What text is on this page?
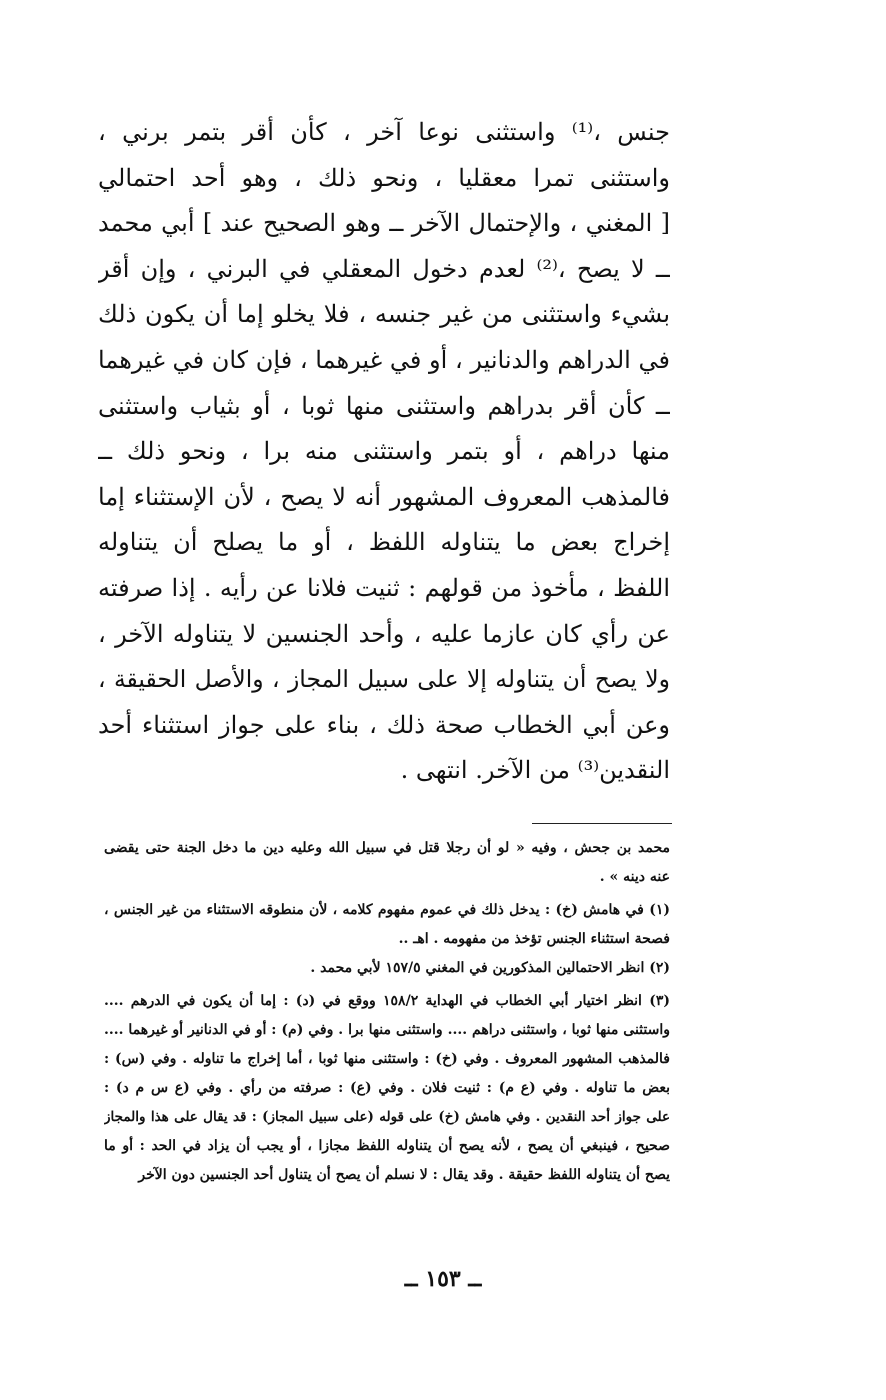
جنس ،⁽¹⁾ واستثنى نوعا آخر ، كأن أقر بتمر برني ،
واستثنى تمرا معقليا ، ونحو ذلك ، وهو أحد احتمالي
[ المغني ، والإحتمال الآخر ــ وهو الصحيح عند ] أبي محمد
ــ لا يصح ،⁽²⁾ لعدم دخول المعقلي في البرني ، وإن أقر
بشيء واستثنى من غير جنسه ، فلا يخلو إما أن يكون ذلك
في الدراهم والدنانير ، أو في غيرهما ، فإن كان في غيرهما
ــ كأن أقر بدراهم واستثنى منها ثوبا ، أو بثياب واستثنى
منها دراهم ، أو بتمر واستثنى منه برا ، ونحو ذلك ــ
فالمذهب المعروف المشهور أنه لا يصح ، لأن الإستثناء إما
إخراج بعض ما يتناوله اللفظ ، أو ما يصلح أن يتناوله
اللفظ ، مأخوذ من قولهم : ثنيت فلانا عن رأيه . إذا صرفته
عن رأي كان عازما عليه ، وأحد الجنسين لا يتناوله الآخر ،
ولا يصح أن يتناوله إلا على سبيل المجاز ، والأصل الحقيقة ،
وعن أبي الخطاب صحة ذلك ، بناء على جواز استثناء أحد
النقدين⁽³⁾ من الآخر. انتهى .
محمد بن جحش ، وفيه « لو أن رجلا قتل في سبيل الله وعليه دين ما دخل الجنة حتى يقضى
عنه دينه » .
(١) في هامش (خ) : يدخل ذلك في عموم مفهوم كلامه ، لأن منطوقه الاستثناء من غير الجنس ،
فصحة استثناء الجنس تؤخذ من مفهومه . اهـ ..
(٢) انظر الاحتمالين المذكورين في المغني ١٥٧/٥ لأبي محمد .
(٣) انظر اختيار أبي الخطاب في الهداية ١٥٨/٢ ووقع في (د) : إما أن يكون في الدرهم ....
واستثنى منها ثوبا ، واستثنى دراهم .... واستثنى منها برا . وفي (م) : أو في الدنانير أو غيرهما ....
فالمذهب المشهور المعروف . وفي (خ) : واستثنى منها ثوبا ، أما إخراج ما تناوله . وفي (س) :
بعض ما تناوله . وفي (ع م) : ثنيت فلان . وفي (ع) : صرفته من رأي . وفي (ع س م د) :
على جواز أحد النقدين . وفي هامش (خ) على قوله (على سبيل المجاز) : قد يقال على هذا والمجاز
صحيح ، فينبغي أن يصح ، لأنه يصح أن يتناوله اللفظ مجازا ، أو يجب أن يزاد في الحد : أو ما
يصح أن يتناوله اللفظ حقيقة . وقد يقال : لا نسلم أن يصح أن يتناول أحد الجنسين دون الآخر
ــ ١٥٣ ــ
